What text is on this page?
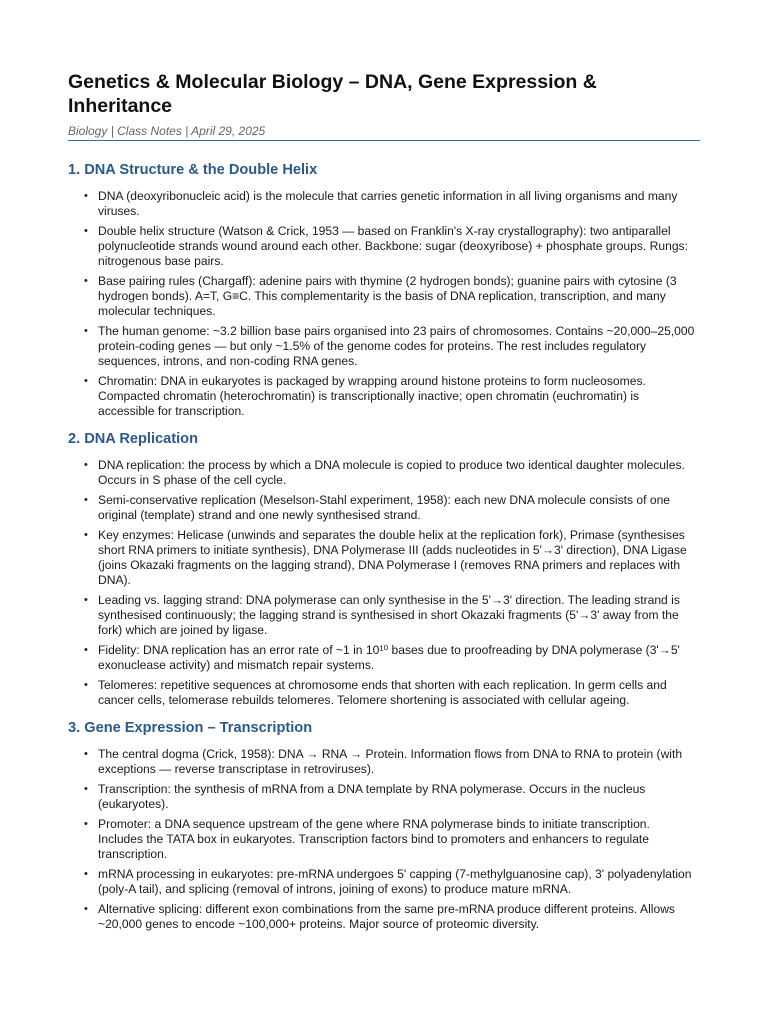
Genetics & Molecular Biology – DNA, Gene Expression & Inheritance
Biology | Class Notes | April 29, 2025
1. DNA Structure & the Double Helix
• DNA (deoxyribonucleic acid) is the molecule that carries genetic information in all living organisms and many viruses.
• Double helix structure (Watson & Crick, 1953 — based on Franklin's X-ray crystallography): two antiparallel polynucleotide strands wound around each other. Backbone: sugar (deoxyribose) + phosphate groups. Rungs: nitrogenous base pairs.
• Base pairing rules (Chargaff): adenine pairs with thymine (2 hydrogen bonds); guanine pairs with cytosine (3 hydrogen bonds). A=T, G≡C. This complementarity is the basis of DNA replication, transcription, and many molecular techniques.
• The human genome: ~3.2 billion base pairs organised into 23 pairs of chromosomes. Contains ~20,000–25,000 protein-coding genes — but only ~1.5% of the genome codes for proteins. The rest includes regulatory sequences, introns, and non-coding RNA genes.
• Chromatin: DNA in eukaryotes is packaged by wrapping around histone proteins to form nucleosomes. Compacted chromatin (heterochromatin) is transcriptionally inactive; open chromatin (euchromatin) is accessible for transcription.
2. DNA Replication
• DNA replication: the process by which a DNA molecule is copied to produce two identical daughter molecules. Occurs in S phase of the cell cycle.
• Semi-conservative replication (Meselson-Stahl experiment, 1958): each new DNA molecule consists of one original (template) strand and one newly synthesised strand.
• Key enzymes: Helicase (unwinds and separates the double helix at the replication fork), Primase (synthesises short RNA primers to initiate synthesis), DNA Polymerase III (adds nucleotides in 5'→3' direction), DNA Ligase (joins Okazaki fragments on the lagging strand), DNA Polymerase I (removes RNA primers and replaces with DNA).
• Leading vs. lagging strand: DNA polymerase can only synthesise in the 5'→3' direction. The leading strand is synthesised continuously; the lagging strand is synthesised in short Okazaki fragments (5'→3' away from the fork) which are joined by ligase.
• Fidelity: DNA replication has an error rate of ~1 in 10¹⁰ bases due to proofreading by DNA polymerase (3'→5' exonuclease activity) and mismatch repair systems.
• Telomeres: repetitive sequences at chromosome ends that shorten with each replication. In germ cells and cancer cells, telomerase rebuilds telomeres. Telomere shortening is associated with cellular ageing.
3. Gene Expression – Transcription
• The central dogma (Crick, 1958): DNA → RNA → Protein. Information flows from DNA to RNA to protein (with exceptions — reverse transcriptase in retroviruses).
• Transcription: the synthesis of mRNA from a DNA template by RNA polymerase. Occurs in the nucleus (eukaryotes).
• Promoter: a DNA sequence upstream of the gene where RNA polymerase binds to initiate transcription. Includes the TATA box in eukaryotes. Transcription factors bind to promoters and enhancers to regulate transcription.
• mRNA processing in eukaryotes: pre-mRNA undergoes 5' capping (7-methylguanosine cap), 3' polyadenylation (poly-A tail), and splicing (removal of introns, joining of exons) to produce mature mRNA.
• Alternative splicing: different exon combinations from the same pre-mRNA produce different proteins. Allows ~20,000 genes to encode ~100,000+ proteins. Major source of proteomic diversity.
